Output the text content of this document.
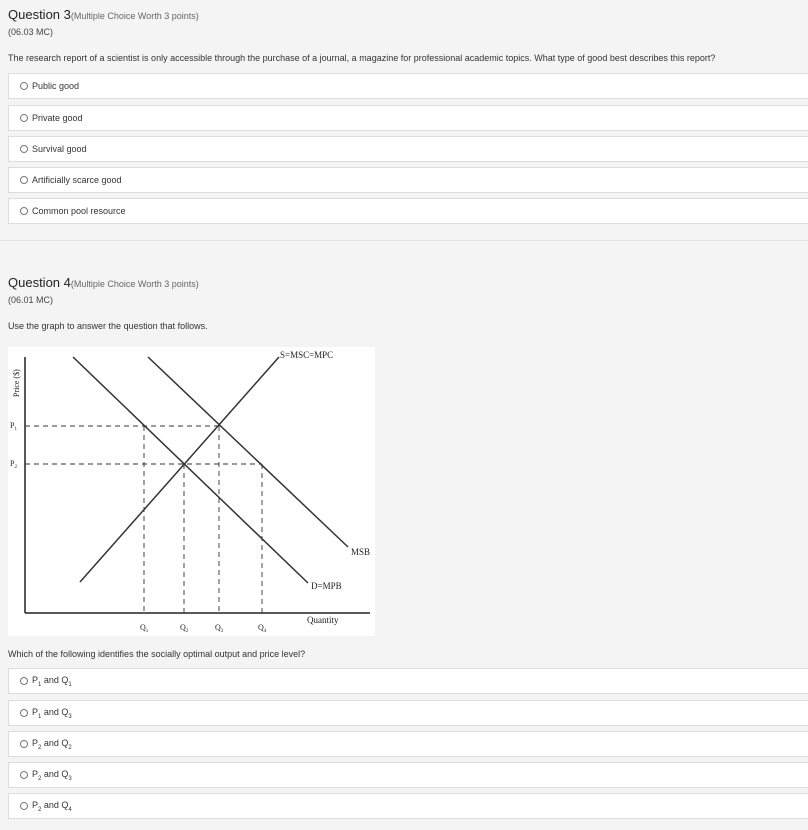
Question 3(Multiple Choice Worth 3 points)
(06.03 MC)
The research report of a scientist is only accessible through the purchase of a journal, a magazine for professional academic topics. What type of good best describes this report?
Public good
Private good
Survival good
Artificially scarce good
Common pool resource
Question 4(Multiple Choice Worth 3 points)
(06.01 MC)
Use the graph to answer the question that follows.
Price ($)
$P_1$
$P_2$
S=MSC=MPC
MSB
D=MPB
Quantity
$Q_1$	$Q_2$	$Q_3$	$Q_4$
Which of the following identifies the socially optimal output and price level?
$P_1$ and $Q_1$
$P_1$ and $Q_3$
$P_2$ and $Q_2$
$P_2$ and $Q_3$
$P_2$ and $Q_4$
